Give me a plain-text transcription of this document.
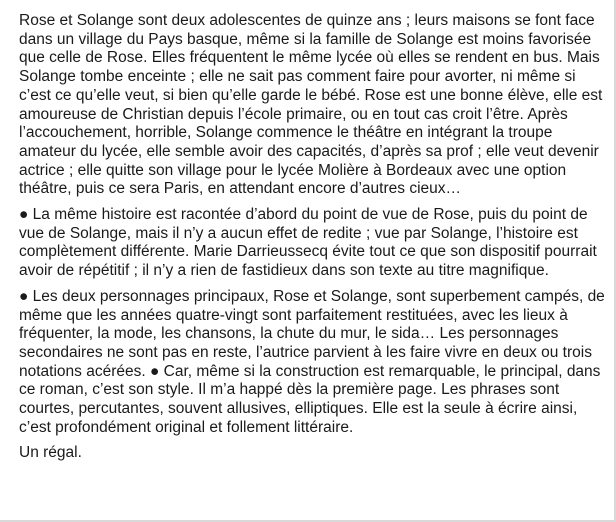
Rose et Solange sont deux adolescentes de quinze ans ; leurs maisons se font face dans un village du Pays basque, même si la famille de Solange est moins favorisée que celle de Rose. Elles fréquentent le même lycée où elles se rendent en bus. Mais Solange tombe enceinte ; elle ne sait pas comment faire pour avorter, ni même si c’est ce qu’elle veut, si bien qu’elle garde le bébé. Rose est une bonne élève, elle est amoureuse de Christian depuis l’école primaire, ou en tout cas croit l’être. Après l’accouchement, horrible, Solange commence le théâtre en intégrant la troupe amateur du lycée, elle semble avoir des capacités, d’après sa prof ; elle veut devenir actrice ; elle quitte son village pour le lycée Molière à Bordeaux avec une option théâtre, puis ce sera Paris, en attendant encore d’autres cieux…

● La même histoire est racontée d’abord du point de vue de Rose, puis du point de vue de Solange, mais il n’y a aucun effet de redite ; vue par Solange, l’histoire est complètement différente. Marie Darrieussecq évite tout ce que son dispositif pourrait avoir de répétitif ; il n’y a rien de fastidieux dans son texte au titre magnifique.

● Les deux personnages principaux, Rose et Solange, sont superbement campés, de même que les années quatre-vingt sont parfaitement restituées, avec les lieux à fréquenter, la mode, les chansons, la chute du mur, le sida… Les personnages secondaires ne sont pas en reste, l’autrice parvient à les faire vivre en deux ou trois notations acérées. ● Car, même si la construction est remarquable, le principal, dans ce roman, c’est son style. Il m’a happé dès la première page. Les phrases sont courtes, percutantes, souvent allusives, elliptiques. Elle est la seule à écrire ainsi, c’est profondément original et follement littéraire.

Un régal.
